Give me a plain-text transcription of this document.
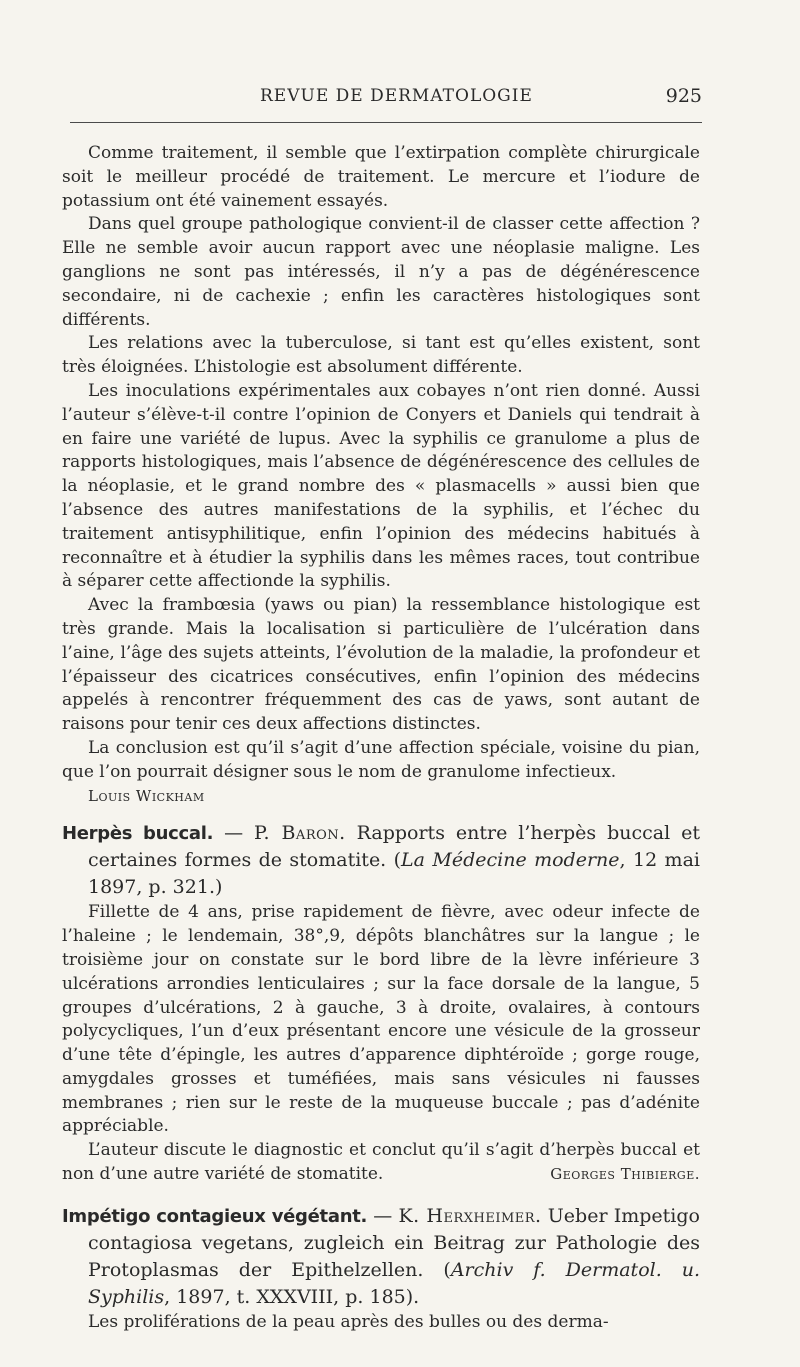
REVUE DE DERMATOLOGIE	925

Comme traitement, il semble que l’extirpation complète chirurgicale soit le meilleur procédé de traitement. Le mercure et l’iodure de potassium ont été vainement essayés.

Dans quel groupe pathologique convient-il de classer cette affection ? Elle ne semble avoir aucun rapport avec une néoplasie maligne. Les ganglions ne sont pas intéressés, il n’y a pas de dégénérescence secondaire, ni de cachexie ; enfin les caractères histologiques sont différents.

Les relations avec la tuberculose, si tant est qu’elles existent, sont très éloignées. L’histologie est absolument différente.

Les inoculations expérimentales aux cobayes n’ont rien donné. Aussi l’auteur s’élève-t-il contre l’opinion de Conyers et Daniels qui tendrait à en faire une variété de lupus. Avec la syphilis ce granulome a plus de rapports histologiques, mais l’absence de dégénérescence des cellules de la néoplasie, et le grand nombre des « plasmacells » aussi bien que l’absence des autres manifestations de la syphilis, et l’échec du traitement antisyphilitique, enfin l’opinion des médecins habitués à reconnaître et à étudier la syphilis dans les mêmes races, tout contribue à séparer cette affectionde la syphilis.

Avec la frambœsia (yaws ou pian) la ressemblance histologique est très grande. Mais la localisation si particulière de l’ulcération dans l’aine, l’âge des sujets atteints, l’évolution de la maladie, la profondeur et l’épaisseur des cicatrices consécutives, enfin l’opinion des médecins appelés à rencontrer fréquemment des cas de yaws, sont autant de raisons pour tenir ces deux affections distinctes.

La conclusion est qu’il s’agit d’une affection spéciale, voisine du pian, que l’on pourrait désigner sous le nom de granulome infectieux.

Louis Wickham

Herpès buccal. — P. Baron. Rapports entre l’herpès buccal et certaines formes de stomatite. (La Médecine moderne, 12 mai 1897, p. 321.)

Fillette de 4 ans, prise rapidement de fièvre, avec odeur infecte de l’haleine ; le lendemain, 38°,9, dépôts blanchâtres sur la langue ; le troisième jour on constate sur le bord libre de la lèvre inférieure 3 ulcérations arrondies lenticulaires ; sur la face dorsale de la langue, 5 groupes d’ulcérations, 2 à gauche, 3 à droite, ovalaires, à contours polycycliques, l’un d’eux présentant encore une vésicule de la grosseur d’une tête d’épingle, les autres d’apparence diphtéroïde ; gorge rouge, amygdales grosses et tuméfiées, mais sans vésicules ni fausses membranes ; rien sur le reste de la muqueuse buccale ; pas d’adénite appréciable.

L’auteur discute le diagnostic et conclut qu’il s’agit d’herpès buccal et non d’une autre variété de stomatite.	Georges Thibierge.

Impétigo contagieux végétant. — K. Herxheimer. Ueber Impetigo contagiosa vegetans, zugleich ein Beitrag zur Pathologie des Protoplasmas der Epithelzellen. (Archiv f. Dermatol. u. Syphilis, 1897, t. XXXVIII, p. 185).

Les proliférations de la peau après des bulles ou des derma-
